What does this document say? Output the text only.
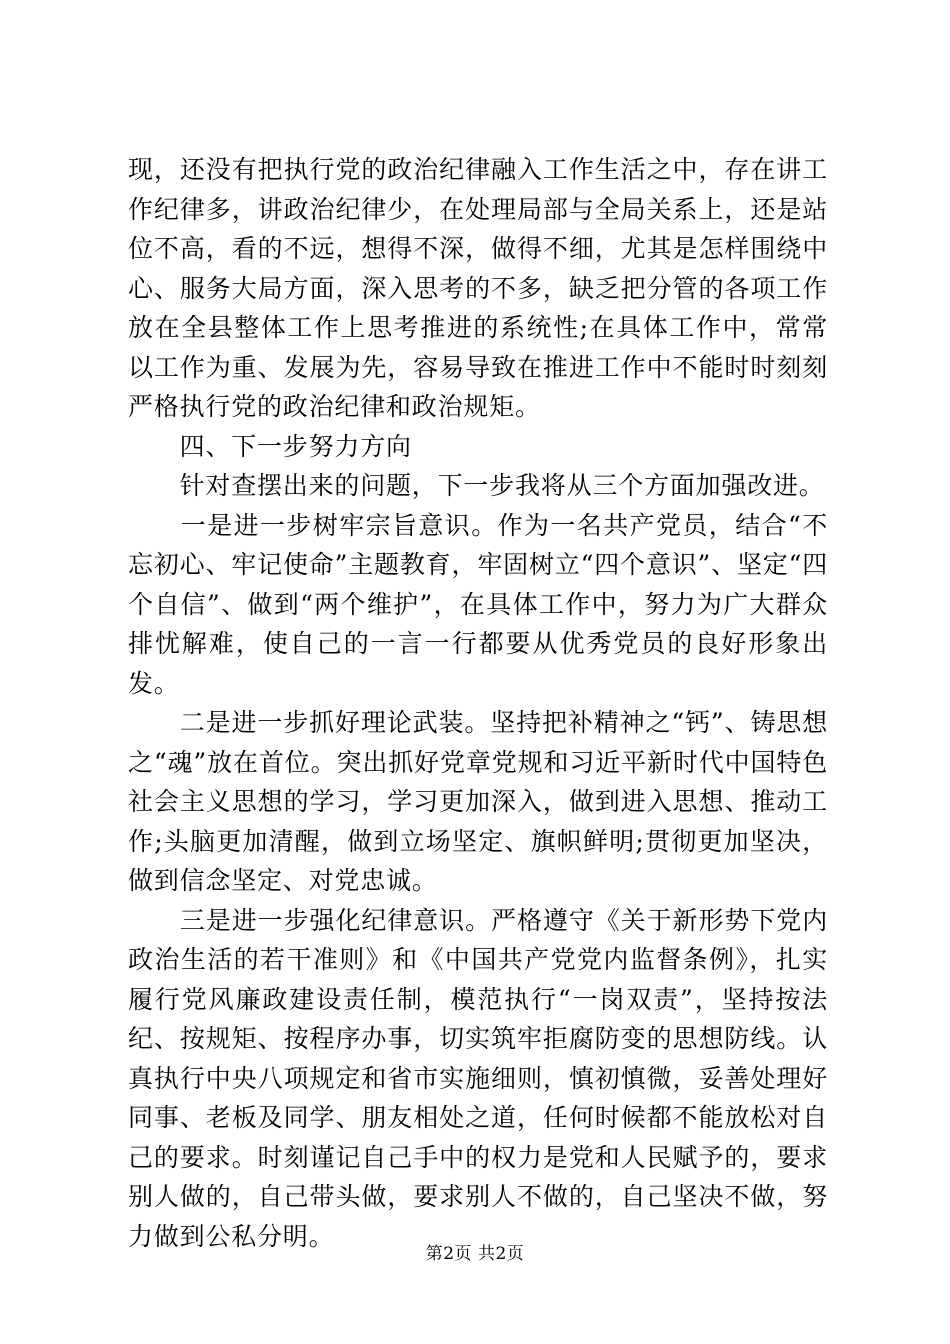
现，还没有把执行党的政治纪律融入工作生活之中，存在讲工作纪律多，讲政治纪律少，在处理局部与全局关系上，还是站位不高，看的不远，想得不深，做得不细，尤其是怎样围绕中心、服务大局方面，深入思考的不多，缺乏把分管的各项工作放在全县整体工作上思考推进的系统性;在具体工作中，常常以工作为重、发展为先，容易导致在推进工作中不能时时刻刻严格执行党的政治纪律和政治规矩。

　　四、下一步努力方向

　　针对查摆出来的问题，下一步我将从三个方面加强改进。

　　一是进一步树牢宗旨意识。作为一名共产党员，结合“不忘初心、牢记使命”主题教育，牢固树立“四个意识”、坚定“四个自信”、做到“两个维护”，在具体工作中，努力为广大群众排忧解难，使自己的一言一行都要从优秀党员的良好形象出发。

　　二是进一步抓好理论武装。坚持把补精神之“钙”、铸思想之“魂”放在首位。突出抓好党章党规和习近平新时代中国特色社会主义思想的学习，学习更加深入，做到进入思想、推动工作;头脑更加清醒，做到立场坚定、旗帜鲜明;贯彻更加坚决，做到信念坚定、对党忠诚。

　　三是进一步强化纪律意识。严格遵守《关于新形势下党内政治生活的若干准则》和《中国共产党党内监督条例》，扎实履行党风廉政建设责任制，模范执行“一岗双责”，坚持按法纪、按规矩、按程序办事，切实筑牢拒腐防变的思想防线。认真执行中央八项规定和省市实施细则，慎初慎微，妥善处理好同事、老板及同学、朋友相处之道，任何时候都不能放松对自己的要求。时刻谨记自己手中的权力是党和人民赋予的，要求别人做的，自己带头做，要求别人不做的，自己坚决不做，努力做到公私分明。

第2页 共2页
